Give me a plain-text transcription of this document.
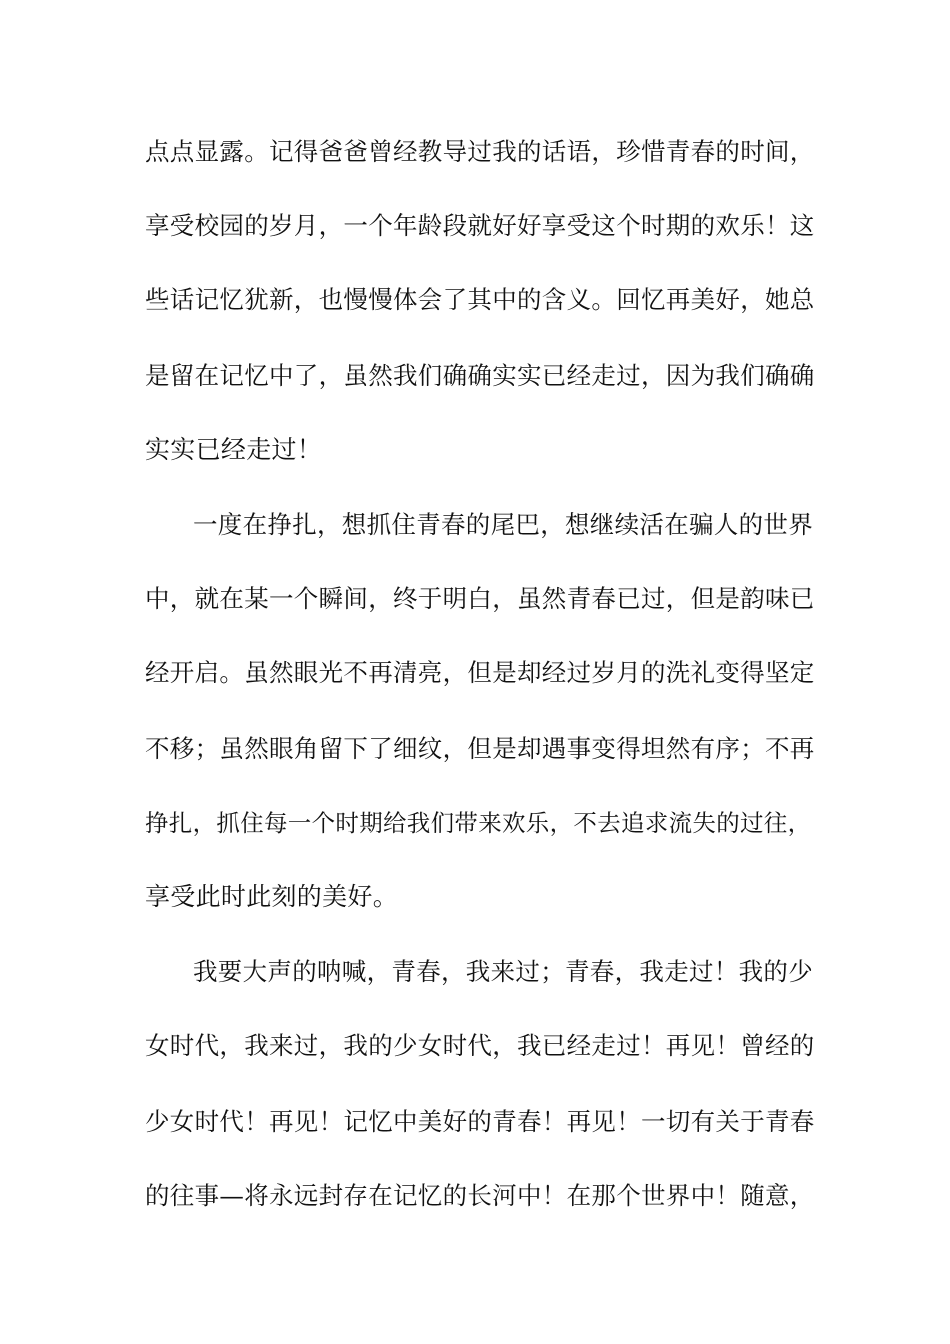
点点显露。记得爸爸曾经教导过我的话语，珍惜青春的时间，
享受校园的岁月，一个年龄段就好好享受这个时期的欢乐！这
些话记忆犹新，也慢慢体会了其中的含义。回忆再美好，她总
是留在记忆中了，虽然我们确确实实已经走过，因为我们确确
实实已经走过！
一度在挣扎，想抓住青春的尾巴，想继续活在骗人的世界
中，就在某一个瞬间，终于明白，虽然青春已过，但是韵味已
经开启。虽然眼光不再清亮，但是却经过岁月的洗礼变得坚定
不移；虽然眼角留下了细纹，但是却遇事变得坦然有序；不再
挣扎，抓住每一个时期给我们带来欢乐，不去追求流失的过往，
享受此时此刻的美好。
我要大声的呐喊，青春，我来过；青春，我走过！我的少
女时代，我来过，我的少女时代，我已经走过！再见！曾经的
少女时代！再见！记忆中美好的青春！再见！一切有关于青春
的往事—将永远封存在记忆的长河中！在那个世界中！随意，
